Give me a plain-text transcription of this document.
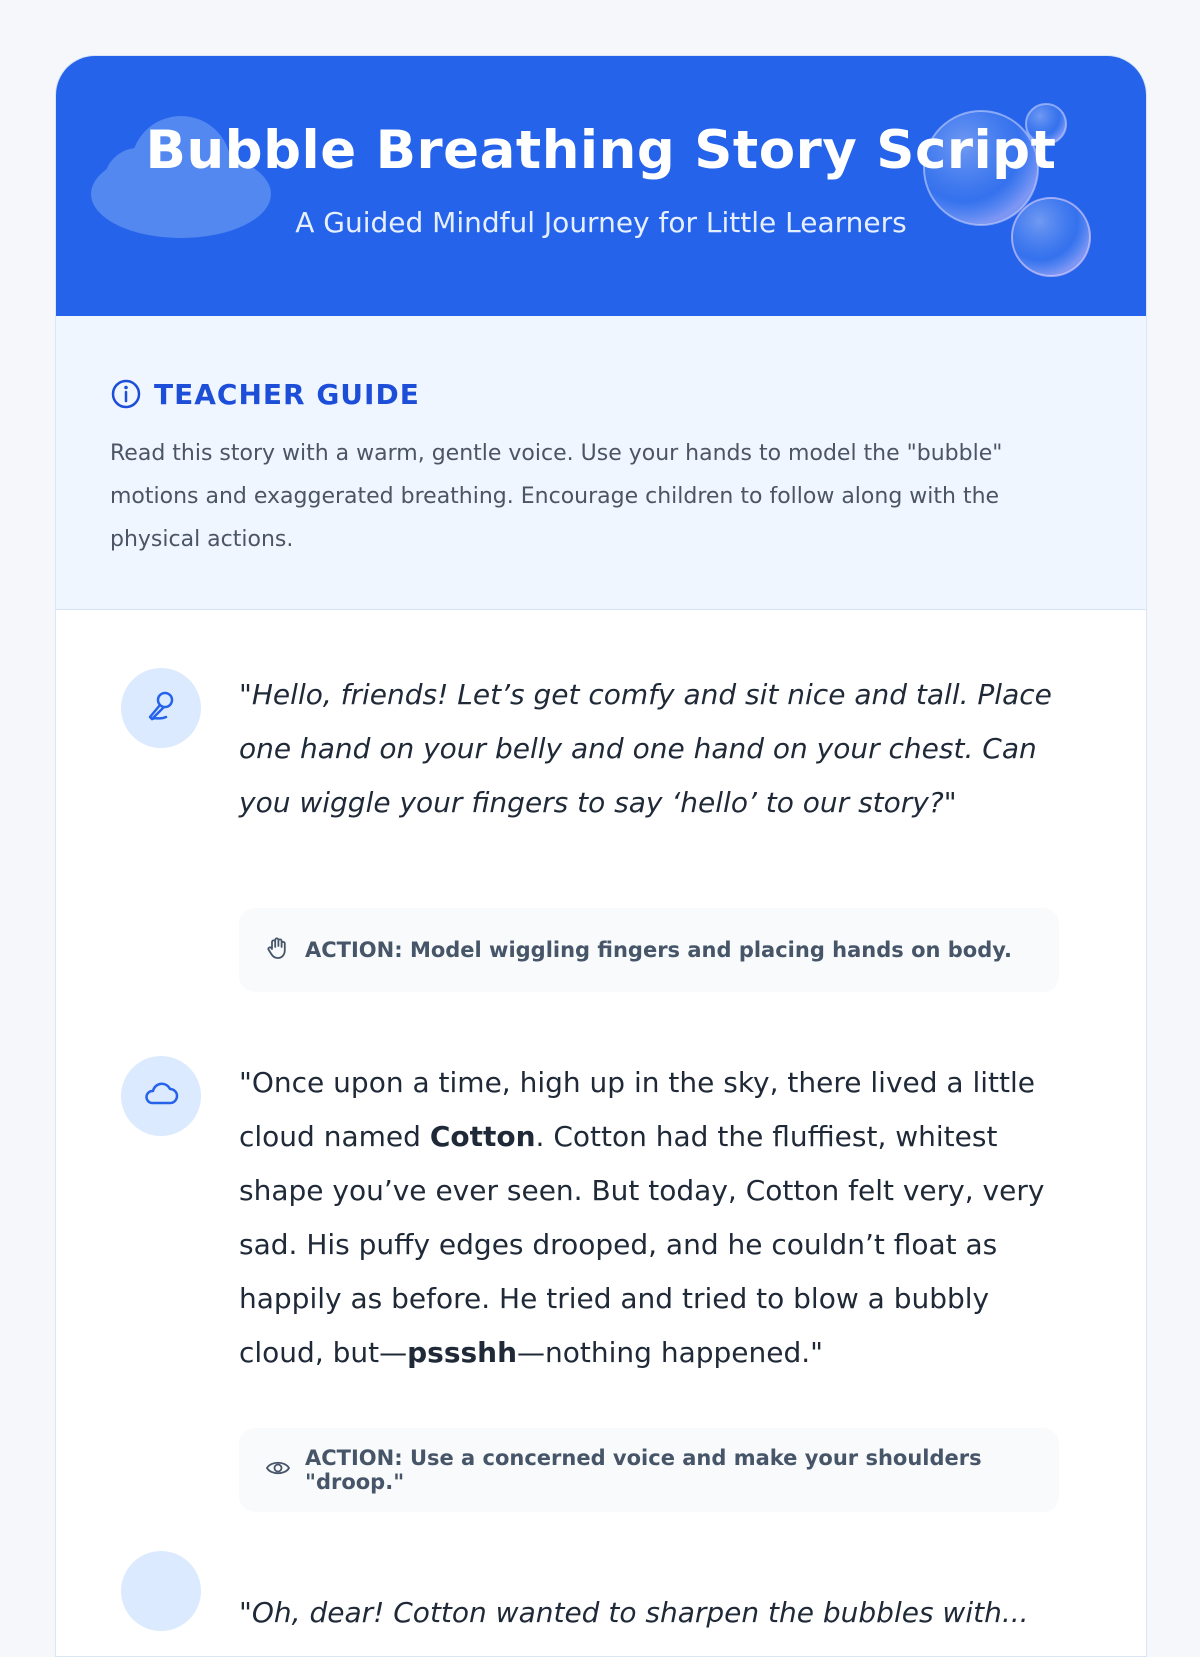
Bubble Breathing Story Script
A Guided Mindful Journey for Little Learners
TEACHER GUIDE
Read this story with a warm, gentle voice. Use your hands to model the "bubble" motions and exaggerated breathing. Encourage children to follow along with the physical actions.
"Hello, friends! Let’s get comfy and sit nice and tall. Place one hand on your belly and one hand on your chest. Can you wiggle your fingers to say ‘hello’ to our story?"
ACTION: Model wiggling fingers and placing hands on body.
"Once upon a time, high up in the sky, there lived a little cloud named Cotton. Cotton had the fluffiest, whitest shape you’ve ever seen. But today, Cotton felt very, very sad. His puffy edges drooped, and he couldn’t float as happily as before. He tried and tried to blow a bubbly cloud, but—pssshh—nothing happened."
ACTION: Use a concerned voice and make your shoulders "droop."
"Oh, dear! Cotton wanted to sharpen the bubbles with...
